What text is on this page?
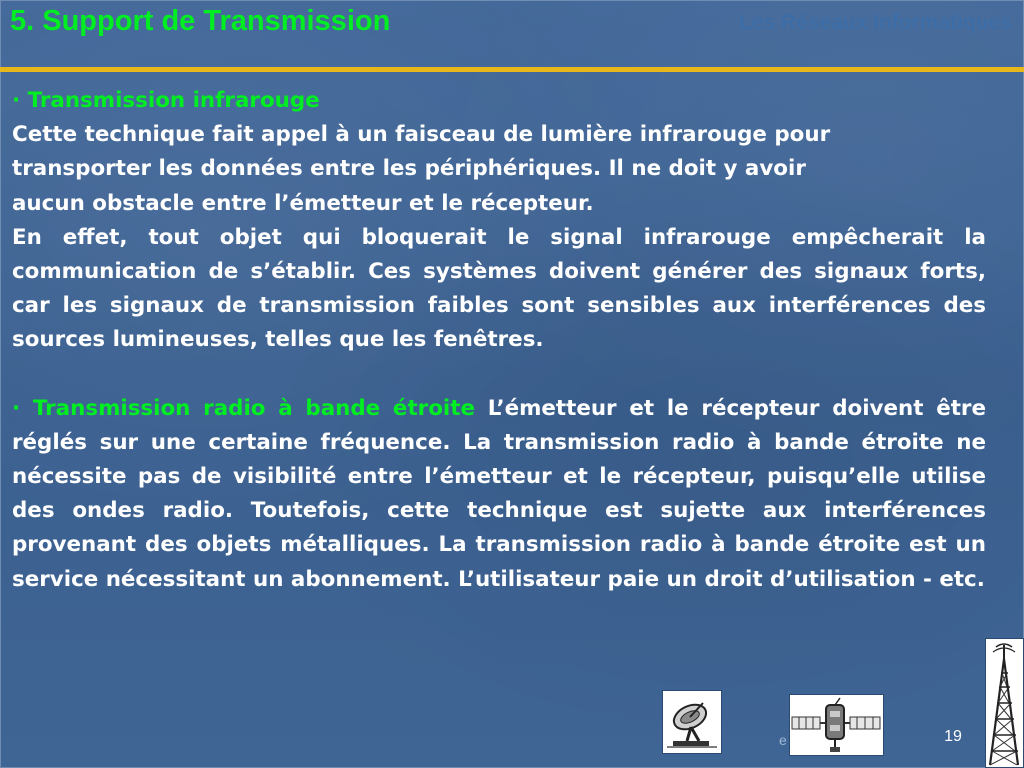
5. Support de Transmission	Les Réseaux Informatiques

· Transmission infrarouge

Cette technique fait appel à un faisceau de lumière infrarouge pour

transporter les données entre les périphériques. Il ne doit y avoir

aucun obstacle entre l’émetteur et le récepteur.

En effet, tout objet qui bloquerait le signal infrarouge empêcherait la communication de s’établir. Ces systèmes doivent générer des signaux forts, car les signaux de transmission faibles sont sensibles aux interférences des sources lumineuses, telles que les fenêtres.

· Transmission radio à bande étroite L’émetteur et le récepteur doivent être réglés sur une certaine fréquence. La transmission radio à bande étroite ne nécessite pas de visibilité entre l’émetteur et le récepteur, puisqu’elle utilise des ondes radio. Toutefois, cette technique est sujette aux interférences provenant des objets métalliques. La transmission radio à bande étroite est un service nécessitant un abonnement. L’utilisateur paie un droit d’utilisation - etc.

e	19
